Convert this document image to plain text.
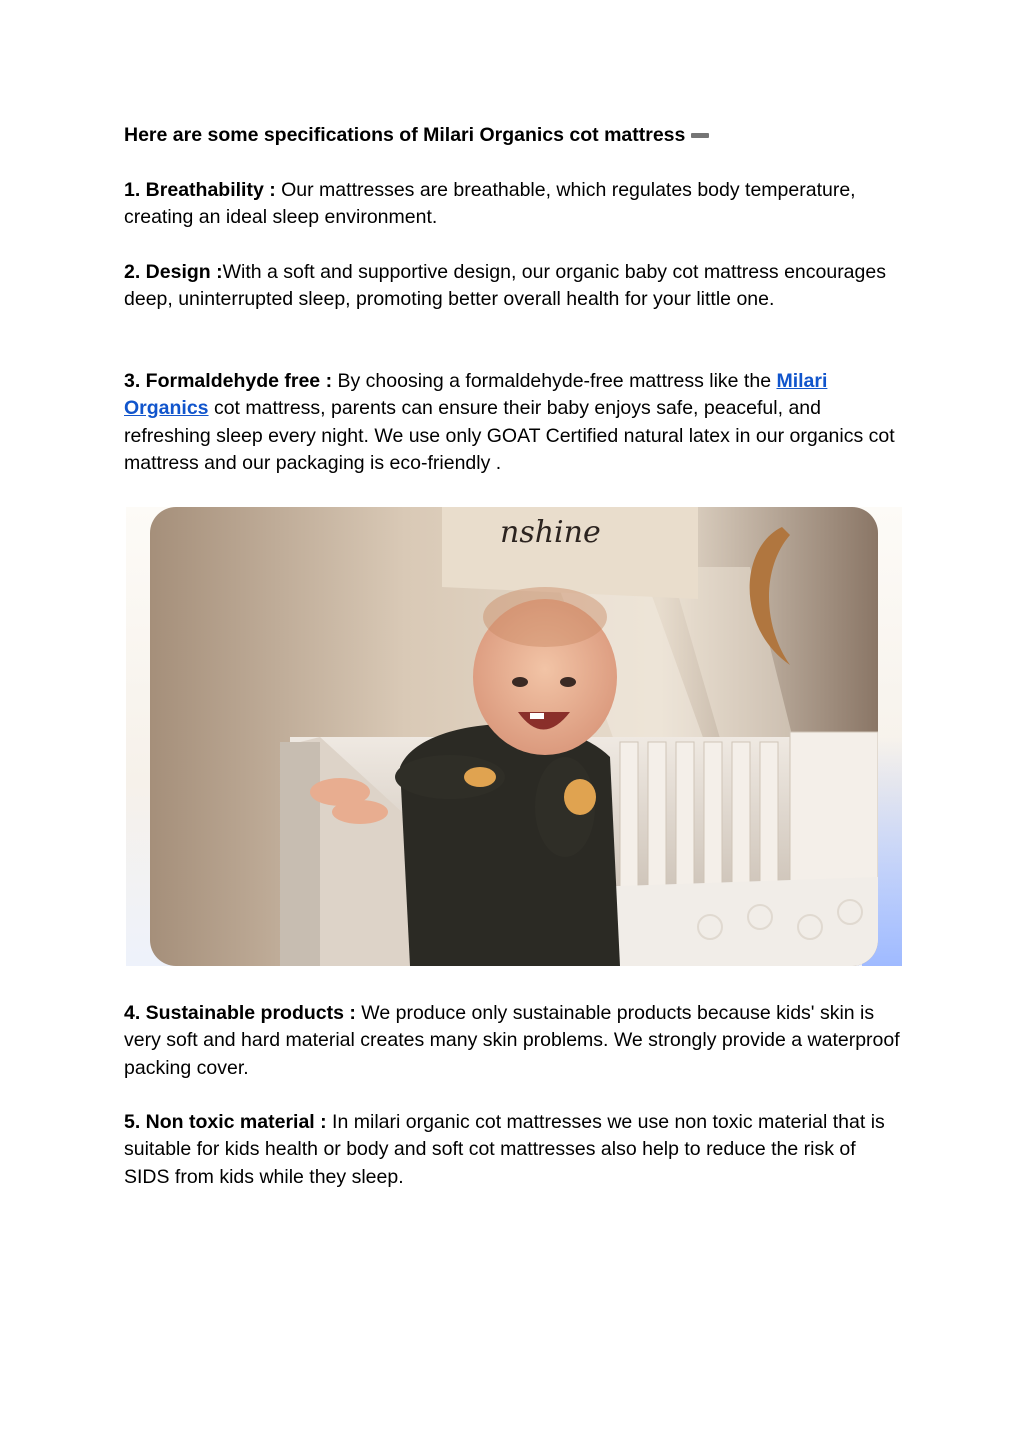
Here are some specifications of Milari Organics cot mattress
1. Breathability : Our mattresses are breathable, which regulates body temperature, creating an ideal sleep environment.
2. Design :With a soft and supportive design, our organic baby cot mattress encourages deep, uninterrupted sleep, promoting better overall health for your little one.
3. Formaldehyde free : By choosing a formaldehyde-free mattress like the Milari Organics cot mattress, parents can ensure their baby enjoys safe, peaceful, and refreshing sleep every night. We use only GOAT Certified natural latex in our organics cot mattress and our packaging is eco-friendly .
4. Sustainable products : We produce only sustainable products because kids' skin is very soft and hard material creates many skin problems. We strongly provide a waterproof packing cover.
5. Non toxic material : In milari organic cot mattresses we use non toxic material that is suitable for kids health or body and soft cot mattresses also help to reduce the risk of SIDS from kids while they sleep.
nshine
